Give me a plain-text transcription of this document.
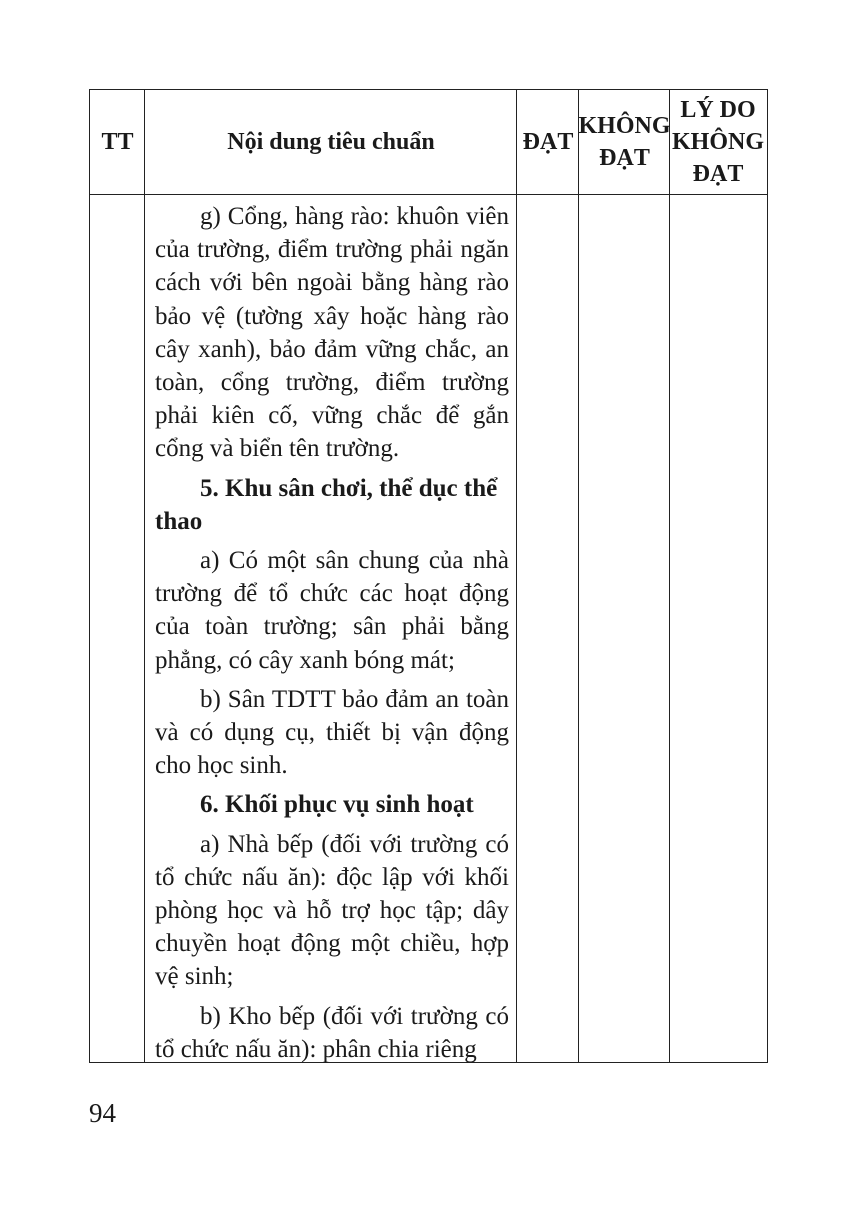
TT	Nội dung tiêu chuẩn	ĐẠT
KHÔNG
ĐẠT
LÝ DO
KHÔNG
ĐẠT

g) Cổng, hàng rào: khuôn viên của trường, điểm trường phải ngăn cách với bên ngoài bằng hàng rào bảo vệ (tường xây hoặc hàng rào cây xanh), bảo đảm vững chắc, an toàn, cổng trường, điểm trường phải kiên cố, vững chắc để gắn cổng và biển tên trường.

5. Khu sân chơi, thể dục thể thao

a) Có một sân chung của nhà trường để tổ chức các hoạt động của toàn trường; sân phải bằng phẳng, có cây xanh bóng mát;

b) Sân TDTT bảo đảm an toàn và có dụng cụ, thiết bị vận động cho học sinh.

6. Khối phục vụ sinh hoạt

a) Nhà bếp (đối với trường có tổ chức nấu ăn): độc lập với khối phòng học và hỗ trợ học tập; dây chuyền hoạt động một chiều, hợp vệ sinh;

b) Kho bếp (đối với trường có tổ chức nấu ăn): phân chia riêng

94
